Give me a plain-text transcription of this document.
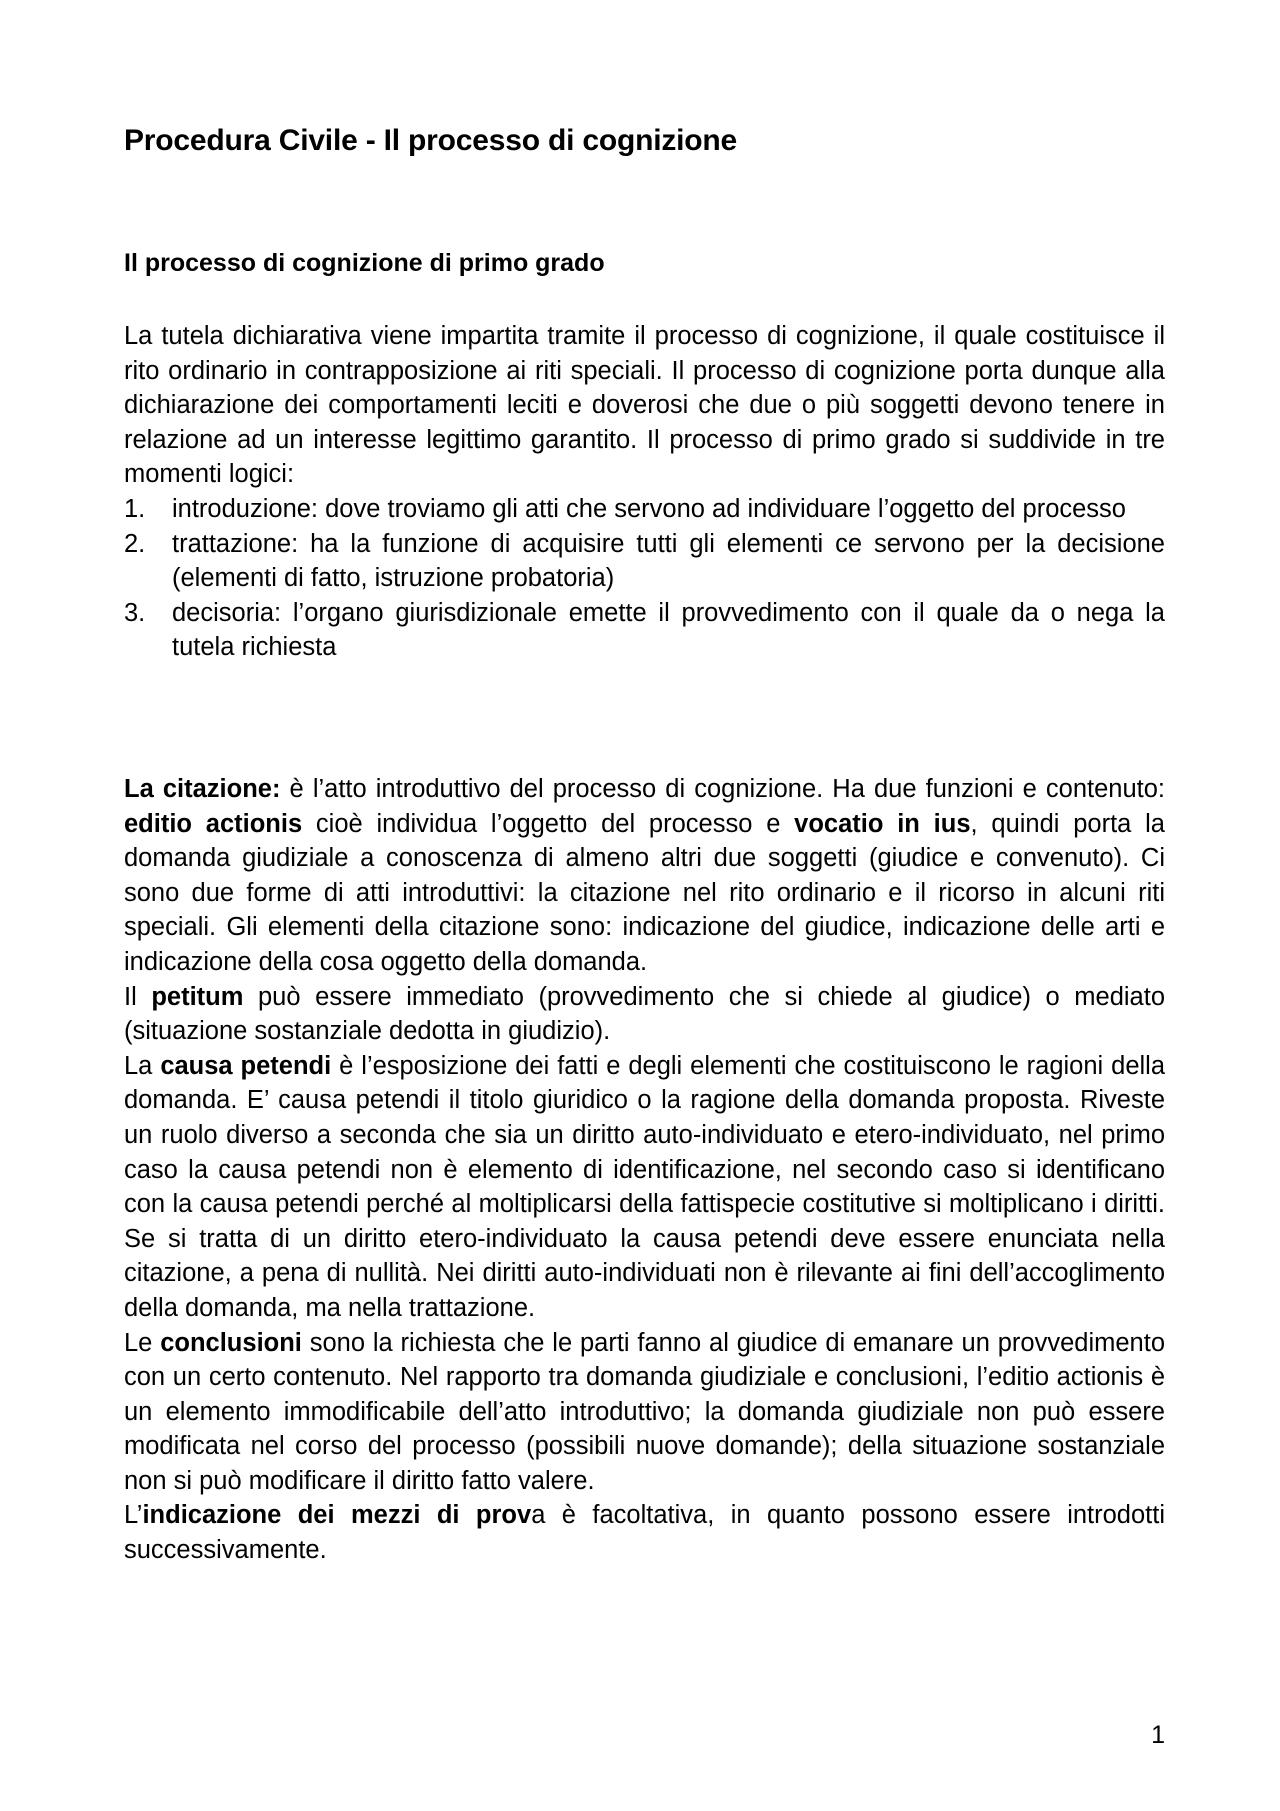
Procedura Civile - Il processo di cognizione
Il processo di cognizione di primo grado

La tutela dichiarativa viene impartita tramite il processo di cognizione, il quale costituisce il rito ordinario in contrapposizione ai riti speciali. Il processo di cognizione porta dunque alla dichiarazione dei comportamenti leciti e doverosi che due o più soggetti devono tenere in relazione ad un interesse legittimo garantito. Il processo di primo grado si suddivide in tre momenti logici:

1. introduzione: dove troviamo gli atti che servono ad individuare l’oggetto del processo
2. trattazione: ha la funzione di acquisire tutti gli elementi ce servono per la decisione (elementi di fatto, istruzione probatoria)
3. decisoria: l’organo giurisdizionale emette il provvedimento con il quale da o nega la tutela richiesta

La citazione: è l’atto introduttivo del processo di cognizione. Ha due funzioni e contenuto: editio actionis cioè individua l’oggetto del processo e vocatio in ius, quindi porta la domanda giudiziale a conoscenza di almeno altri due soggetti (giudice e convenuto). Ci sono due forme di atti introduttivi: la citazione nel rito ordinario e il ricorso in alcuni riti speciali. Gli elementi della citazione sono: indicazione del giudice, indicazione delle arti e indicazione della cosa oggetto della domanda.

Il petitum può essere immediato (provvedimento che si chiede al giudice) o mediato (situazione sostanziale dedotta in giudizio).

La causa petendi è l’esposizione dei fatti e degli elementi che costituiscono le ragioni della domanda. E’ causa petendi il titolo giuridico o la ragione della domanda proposta. Riveste un ruolo diverso a seconda che sia un diritto auto-individuato e etero-individuato, nel primo caso la causa petendi non è elemento di identificazione, nel secondo caso si identificano con la causa petendi perché al moltiplicarsi della fattispecie costitutive si moltiplicano i diritti. Se si tratta di un diritto etero-individuato la causa petendi deve essere enunciata nella citazione, a pena di nullità. Nei diritti auto-individuati non è rilevante ai fini dell’accoglimento della domanda, ma nella trattazione.

Le conclusioni sono la richiesta che le parti fanno al giudice di emanare un provvedimento con un certo contenuto. Nel rapporto tra domanda giudiziale e conclusioni, l’editio actionis è un elemento immodificabile dell’atto introduttivo; la domanda giudiziale non può essere modificata nel corso del processo (possibili nuove domande); della situazione sostanziale non si può modificare il diritto fatto valere.

L’indicazione dei mezzi di prova è facoltativa, in quanto possono essere introdotti successivamente.

1
